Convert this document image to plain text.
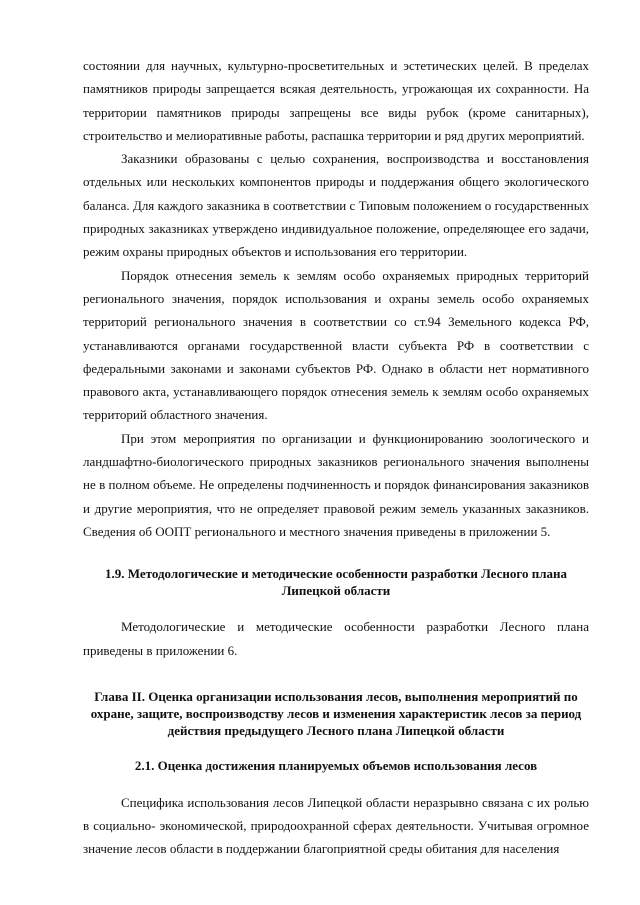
состоянии для научных, культурно-просветительных и эстетических целей. В пределах памятников природы запрещается всякая деятельность, угрожающая их сохранности. На территории памятников природы запрещены все виды рубок (кроме санитарных), строительство и мелиоративные работы, распашка территории и ряд других мероприятий.

Заказники образованы с целью сохранения, воспроизводства и восстановления отдельных или нескольких компонентов природы и поддержания общего экологического баланса. Для каждого заказника в соответствии с Типовым положением о государственных природных заказниках утверждено индивидуальное положение, определяющее его задачи, режим охраны природных объектов и использования его территории.

Порядок отнесения земель к землям особо охраняемых природных территорий регионального значения, порядок использования и охраны земель особо охраняемых территорий регионального значения в соответствии со ст.94 Земельного кодекса РФ, устанавливаются органами государственной власти субъекта РФ в соответствии с федеральными законами и законами субъектов РФ. Однако в области нет нормативного правового акта, устанавливающего порядок отнесения земель к землям особо охраняемых территорий областного значения.

При этом мероприятия по организации и функционированию зоологического и ландшафтно-биологического природных заказников регионального значения выполнены не в полном объеме. Не определены подчиненность и порядок финансирования заказников и другие мероприятия, что не определяет правовой режим земель указанных заказников. Сведения об ООПТ регионального и местного значения приведены в приложении 5.

1.9. Методологические и методические особенности разработки Лесного плана
Липецкой области

Методологические и методические особенности разработки Лесного плана приведены в приложении 6.

Глава II. Оценка организации использования лесов, выполнения мероприятий по
охране, защите, воспроизводству лесов и изменения характеристик лесов за период
действия предыдущего Лесного плана Липецкой области
2.1. Оценка достижения планируемых объемов использования лесов

Специфика использования лесов Липецкой области неразрывно связана с их ролью в социально- экономической, природоохранной сферах деятельности. Учитывая огромное значение лесов области в поддержании благоприятной среды обитания для населения
